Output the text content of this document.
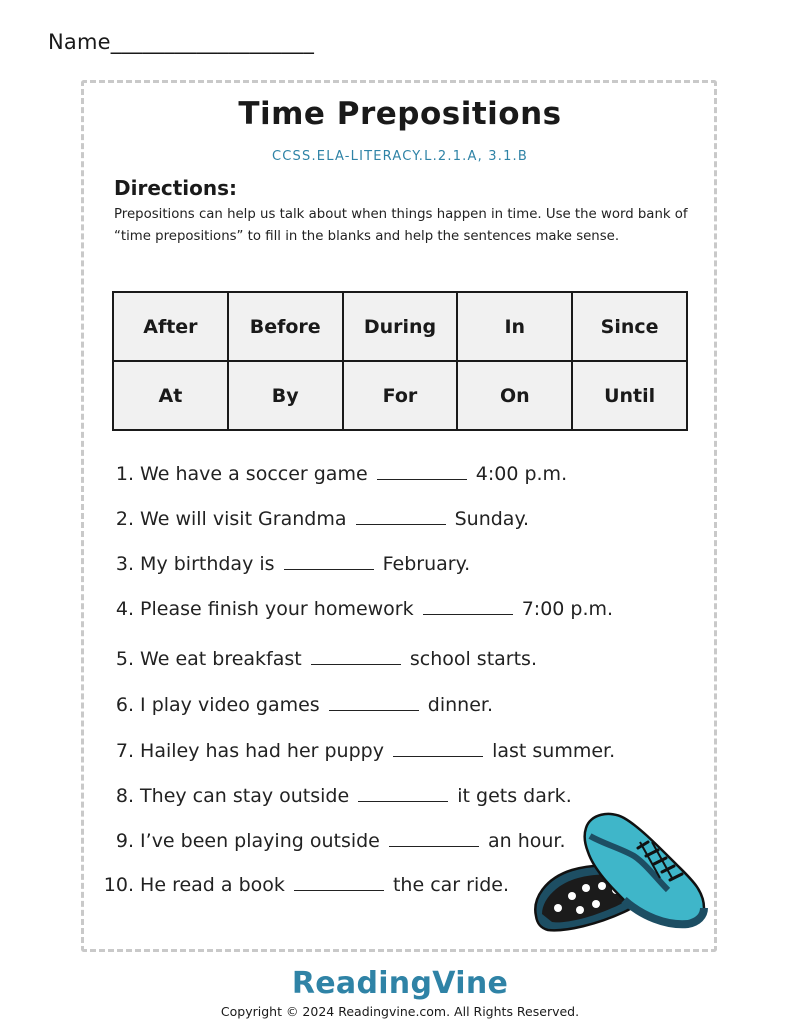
Name___________________
Time Prepositions
CCSS.ELA-LITERACY.L.2.1.A, 3.1.B
Directions:
Prepositions can help us talk about when things happen in time. Use the word bank of “time prepositions” to fill in the blanks and help the sentences make sense.
After	Before	During	In	Since
At	By	For	On	Until
1. We have a soccer game	4:00 p.m.
2. We will visit Grandma	Sunday.
3. My birthday is	February.
4. Please finish your homework	7:00 p.m.
5. We eat breakfast	school starts.
6. I play video games	dinner.
7. Hailey has had her puppy	last summer.
8. They can stay outside	it gets dark.
9. I’ve been playing outside	an hour.
10. He read a book	the car ride.
ReadingVine
Copyright © 2024 Readingvine.com. All Rights Reserved.
